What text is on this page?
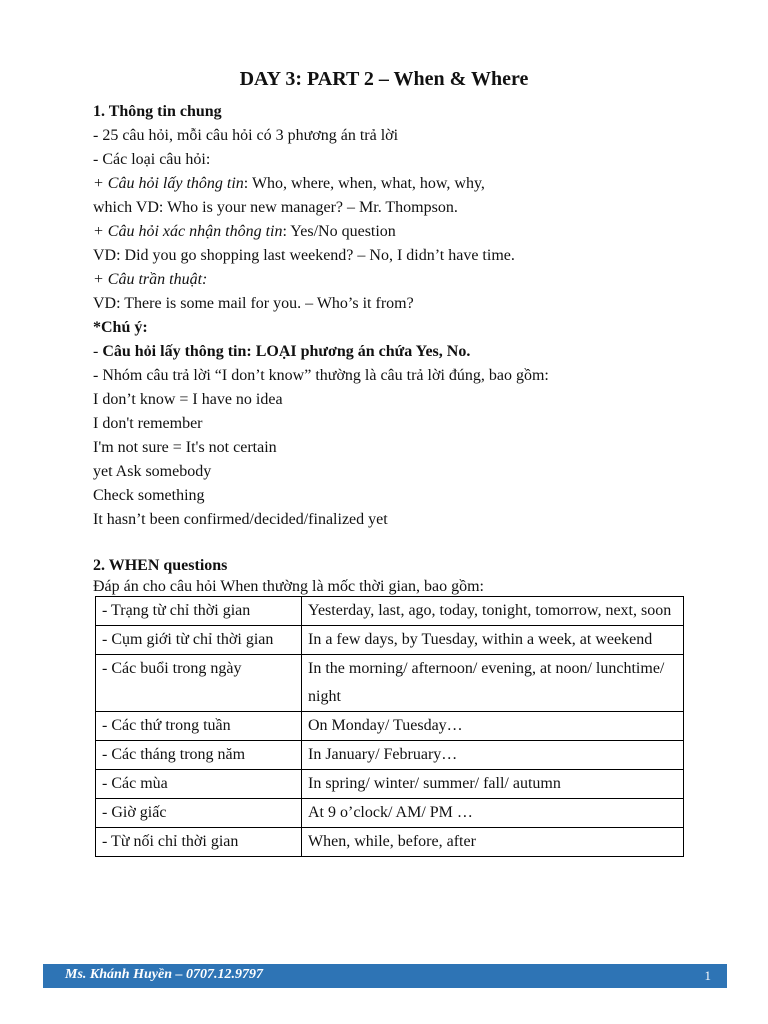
DAY 3: PART 2 – When & Where
1. Thông tin chung
- 25 câu hỏi, mỗi câu hỏi có 3 phương án trả lời
- Các loại câu hỏi:
+ Câu hỏi lấy thông tin: Who, where, when, what, how, why,
which VD: Who is your new manager? – Mr. Thompson.
+ Câu hỏi xác nhận thông tin: Yes/No question
VD: Did you go shopping last weekend? – No, I didn’t have time.
+ Câu trần thuật:
VD: There is some mail for you. – Who’s it from?
*Chú ý:
- Câu hỏi lấy thông tin: LOẠI phương án chứa Yes, No.
- Nhóm câu trả lời “I don’t know” thường là câu trả lời đúng, bao gồm:
I don’t know = I have no idea
I don't remember
I'm not sure = It's not certain
yet Ask somebody
Check something
It hasn’t been confirmed/decided/finalized yet
2. WHEN questions
Đáp án cho câu hỏi When thường là mốc thời gian, bao gồm:
- Trạng từ chỉ thời gian	Yesterday, last, ago, today, tonight, tomorrow, next, soon
- Cụm giới từ chỉ thời gian	In a few days, by Tuesday, within a week, at weekend
- Các buổi trong ngày	In the morning/ afternoon/ evening, at noon/ lunchtime/ night
- Các thứ trong tuần	On Monday/ Tuesday…
- Các tháng trong năm	In January/ February…
- Các mùa	In spring/ winter/ summer/ fall/ autumn
- Giờ giấc	At 9 o’clock/ AM/ PM …
- Từ nối chỉ thời gian	When, while, before, after
Ms. Khánh Huyền – 0707.12.9797	1
